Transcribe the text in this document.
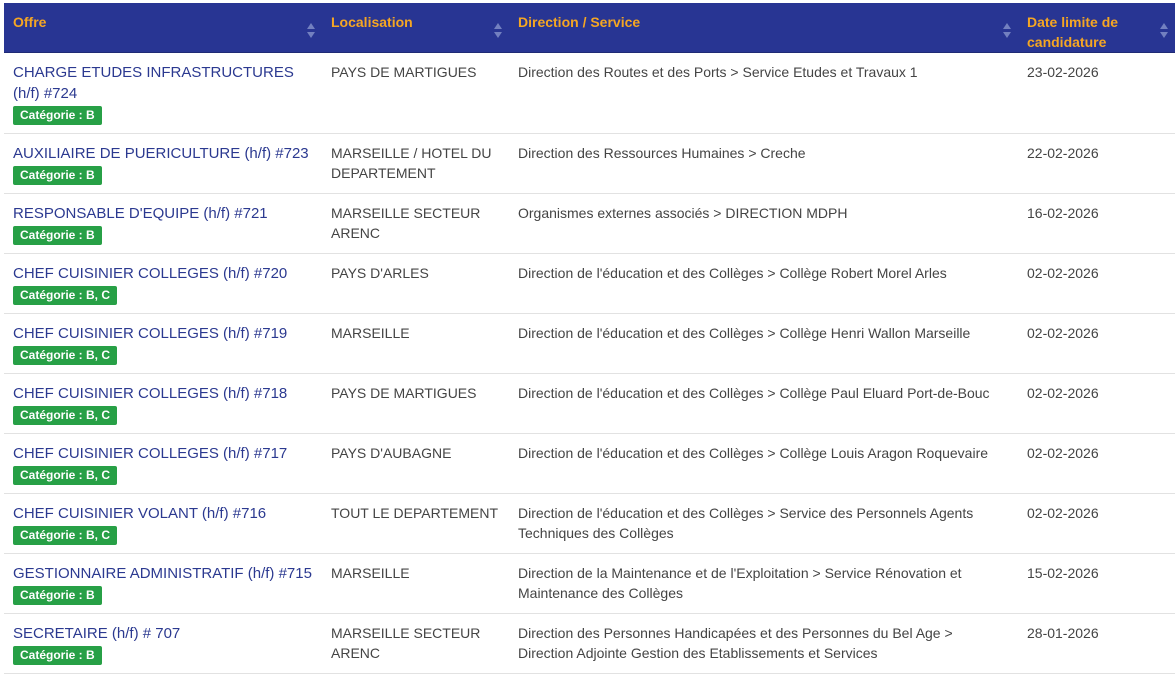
Offre	Localisation	Direction / Service	Date limite de candidature

CHARGE ETUDES INFRASTRUCTURES (h/f) #724
Catégorie : B	PAYS DE MARTIGUES	Direction des Routes et des Ports > Service Etudes et Travaux 1	23-02-2026
AUXILIAIRE DE PUERICULTURE (h/f) #723
Catégorie : B	MARSEILLE / HOTEL DU DEPARTEMENT	Direction des Ressources Humaines > Creche	22-02-2026
RESPONSABLE D'EQUIPE (h/f) #721
Catégorie : B	MARSEILLE SECTEUR ARENC	Organismes externes associés > DIRECTION MDPH	16-02-2026
CHEF CUISINIER COLLEGES (h/f) #720
Catégorie : B, C	PAYS D'ARLES	Direction de l'éducation et des Collèges > Collège Robert Morel Arles	02-02-2026
CHEF CUISINIER COLLEGES (h/f) #719
Catégorie : B, C	MARSEILLE	Direction de l'éducation et des Collèges > Collège Henri Wallon Marseille	02-02-2026
CHEF CUISINIER COLLEGES (h/f) #718
Catégorie : B, C	PAYS DE MARTIGUES	Direction de l'éducation et des Collèges > Collège Paul Eluard Port-de-Bouc	02-02-2026
CHEF CUISINIER COLLEGES (h/f) #717
Catégorie : B, C	PAYS D'AUBAGNE	Direction de l'éducation et des Collèges > Collège Louis Aragon Roquevaire	02-02-2026
CHEF CUISINIER VOLANT (h/f) #716
Catégorie : B, C	TOUT LE DEPARTEMENT	Direction de l'éducation et des Collèges > Service des Personnels Agents Techniques des Collèges	02-02-2026
GESTIONNAIRE ADMINISTRATIF (h/f) #715
Catégorie : B	MARSEILLE	Direction de la Maintenance et de l'Exploitation > Service Rénovation et Maintenance des Collèges	15-02-2026
SECRETAIRE (h/f) # 707
Catégorie : B	MARSEILLE SECTEUR ARENC	Direction des Personnes Handicapées et des Personnes du Bel Age > Direction Adjointe Gestion des Etablissements et Services	28-01-2026
